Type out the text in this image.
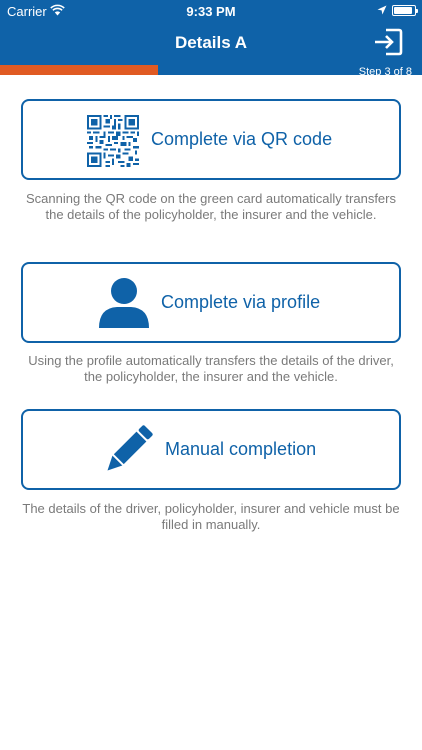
Carrier	9:33 PM
Details A
Step 3 of 8
Complete via QR code

Scanning the QR code on the green card automatically transfers the details of the policyholder, the insurer and the vehicle.

Complete via profile

Using the profile automatically transfers the details of the driver, the policyholder, the insurer and the vehicle.

Manual completion

The details of the driver, policyholder, insurer and vehicle must be filled in manually.
